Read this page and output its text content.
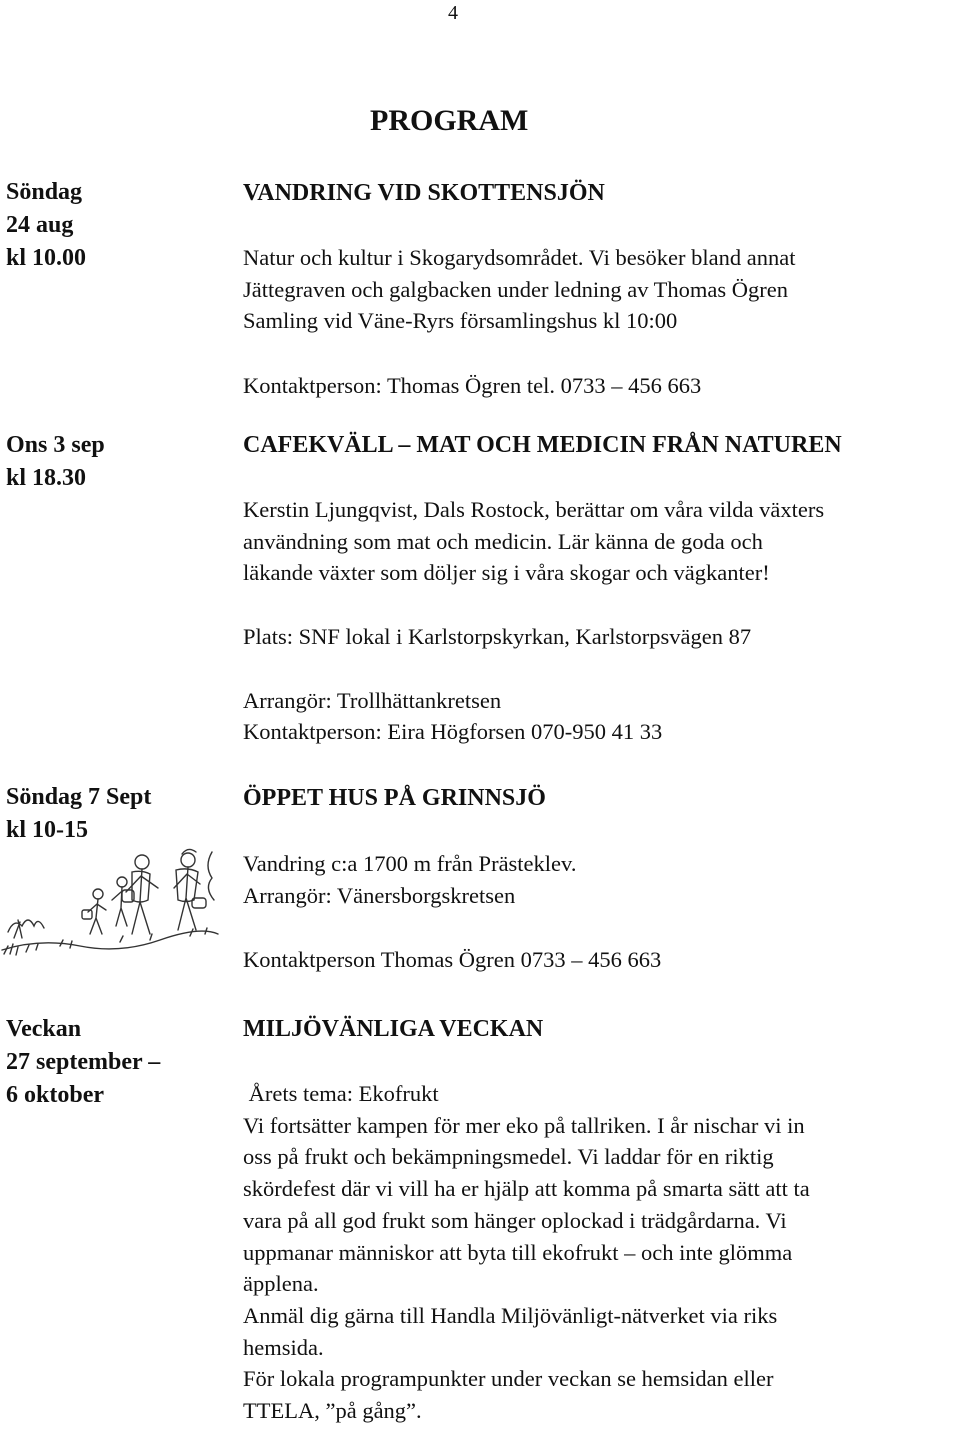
4
PROGRAM
Söndag
24 aug
kl 10.00
VANDRING VID SKOTTENSJÖN
Natur och kultur i Skogarydsområdet. Vi besöker bland annat
Jättegraven och galgbacken under ledning av Thomas Ögren
Samling vid Väne-Ryrs församlingshus kl 10:00
Kontaktperson: Thomas Ögren tel. 0733 – 456 663
Ons 3 sep
kl 18.30
CAFEKVÄLL – MAT OCH MEDICIN FRÅN NATUREN
Kerstin Ljungqvist, Dals Rostock, berättar om våra vilda växters
användning som mat och medicin. Lär känna de goda och
läkande växter som döljer sig i våra skogar och vägkanter!
Plats: SNF lokal i Karlstorpskyrkan, Karlstorpsvägen 87
Arrangör: Trollhättankretsen
Kontaktperson: Eira Högforsen 070-950 41 33
Söndag 7 Sept
kl 10-15
ÖPPET HUS PÅ GRINNSJÖ
Vandring c:a 1700 m från Prästeklev.
Arrangör: Vänersborgskretsen
Kontaktperson Thomas Ögren 0733 – 456 663
Veckan
27 september –
6 oktober
MILJÖVÄNLIGA VECKAN
Årets tema: Ekofrukt
Vi fortsätter kampen för mer eko på tallriken. I år nischar vi in
oss på frukt och bekämpningsmedel. Vi laddar för en riktig
skördefest där vi vill ha er hjälp att komma på smarta sätt att ta
vara på all god frukt som hänger oplockad i trädgårdarna. Vi
uppmanar människor att byta till ekofrukt – och inte glömma
äpplena.
Anmäl dig gärna till Handla Miljövänligt-nätverket via riks
hemsida.
För lokala programpunkter under veckan se hemsidan eller
TTELA, ”på gång”.
